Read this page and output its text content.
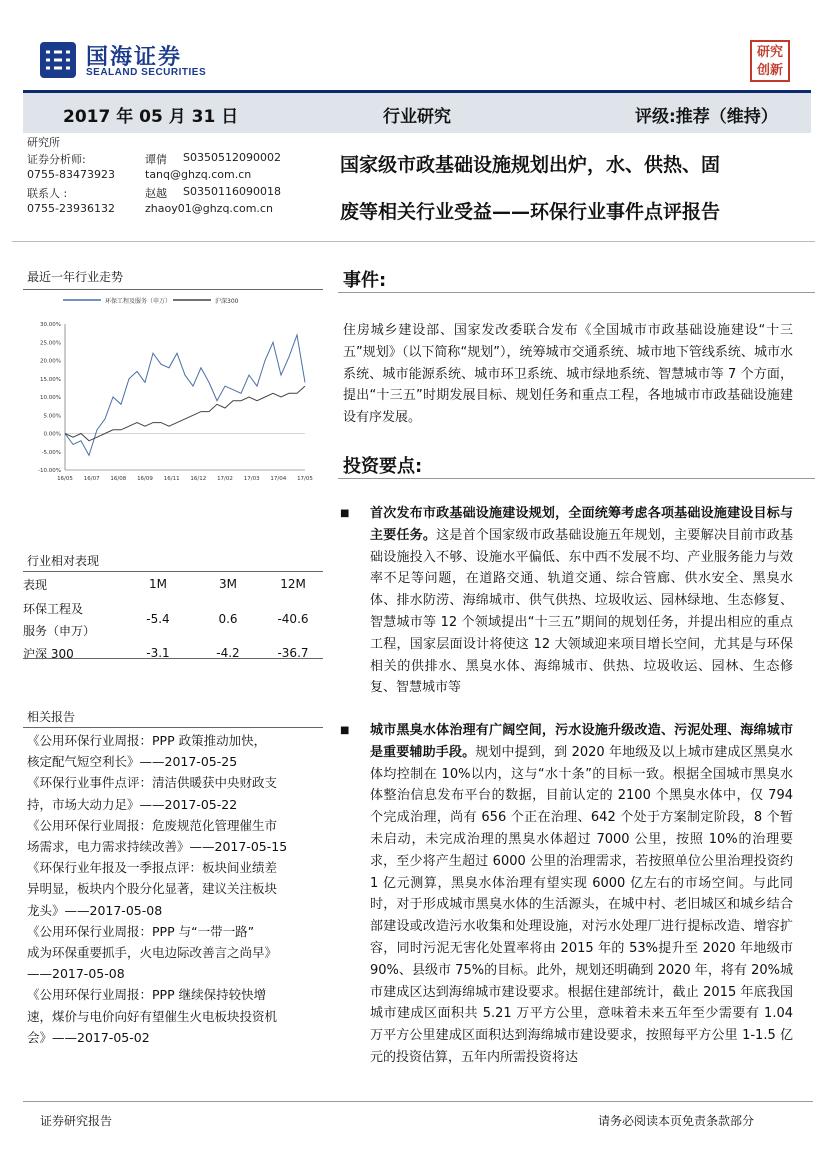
国海证券
SEALAND SECURITIES
研究创新
2017 年 05 月 31 日	行业研究	评级:推荐（维持）
研究所
证券分析师:	谭倩 S0350512090002
0755-83473923	tanq@ghzq.com.cn
联系人 :	赵越 S0350116090018
0755-23936132	zhaoy01@ghzq.com.cn
国家级市政基础设施规划出炉，水、供热、固
废等相关行业受益——环保行业事件点评报告
最近一年行业走势
环保工程及服务（申万）	沪深300
30.00%
25.00%
20.00%
15.00%
10.00%
5.00%
0.00%
-5.00%
-10.00%
16/05 16/07 16/08 16/09 16/11 16/12 17/02 17/03 17/04 17/05
行业相对表现
表现	1M	3M	12M

环保工程及
服务（申万）	-5.4	0.6	-40.6
沪深 300	-3.1	-4.2	-36.7
相关报告
《公用环保行业周报：PPP 政策推动加快，
核定配气短空利长》——2017-05-25
《环保行业事件点评：清洁供暖获中央财政支
持，市场大动力足》——2017-05-22
《公用环保行业周报：危废规范化管理催生市
场需求，电力需求持续改善》——2017-05-15
《环保行业年报及一季报点评：板块间业绩差
异明显，板块内个股分化显著，建议关注板块
龙头》——2017-05-08
《公用环保行业周报：PPP 与“一带一路”
成为环保重要抓手，火电边际改善言之尚早》
——2017-05-08
《公用环保行业周报：PPP 继续保持较快增
速，煤价与电价向好有望催生火电板块投资机
会》——2017-05-02
事件:

住房城乡建设部、国家发改委联合发布《全国城市市政基础设施建设“十三五”规划》（以下简称“规划”），统筹城市交通系统、城市地下管线系统、城市水系统、城市能源系统、城市环卫系统、城市绿地系统、智慧城市等 7 个方面，提出“十三五”时期发展目标、规划任务和重点工程，各地城市市政基础设施建设有序发展。

投资要点:
■ 首次发布市政基础设施建设规划，全面统筹考虑各项基础设施建设目标与主要任务。这是首个国家级市政基础设施五年规划，主要解决目前市政基础设施投入不够、设施水平偏低、东中西不发展不均、产业服务能力与效率不足等问题，在道路交通、轨道交通、综合管廊、供水安全、黑臭水体、排水防涝、海绵城市、供气供热、垃圾收运、园林绿地、生态修复、智慧城市等 12 个领域提出“十三五”期间的规划任务，并提出相应的重点工程，国家层面设计将使这 12 大领域迎来项目增长空间，尤其是与环保相关的供排水、黑臭水体、海绵城市、供热、垃圾收运、园林、生态修复、智慧城市等
■ 城市黑臭水体治理有广阔空间，污水设施升级改造、污泥处理、海绵城市是重要辅助手段。规划中提到，到 2020 年地级及以上城市建成区黑臭水体均控制在 10%以内，这与“水十条”的目标一致。根据全国城市黑臭水体整治信息发布平台的数据，目前认定的 2100 个黑臭水体中，仅 794 个完成治理，尚有 656 个正在治理、642 个处于方案制定阶段，8 个暂未启动，未完成治理的黑臭水体超过 7000 公里，按照 10%的治理要求，至少将产生超过 6000 公里的治理需求，若按照单位公里治理投资约 1 亿元测算，黑臭水体治理有望实现 6000 亿左右的市场空间。与此同时，对于形成城市黑臭水体的生活源头，在城中村、老旧城区和城乡结合部建设或改造污水收集和处理设施，对污水处理厂进行提标改造、增容扩容，同时污泥无害化处置率将由 2015 年的 53%提升至 2020 年地级市 90%、县级市 75%的目标。此外，规划还明确到 2020 年，将有 20%城市建成区达到海绵城市建设要求。根据住建部统计，截止 2015 年底我国城市建成区面积共 5.21 万平方公里，意味着未来五年至少需要有 1.04 万平方公里建成区面积达到海绵城市建设要求，按照每平方公里 1-1.5 亿元的投资估算，五年内所需投资将达
证券研究报告	请务必阅读本页免责条款部分
